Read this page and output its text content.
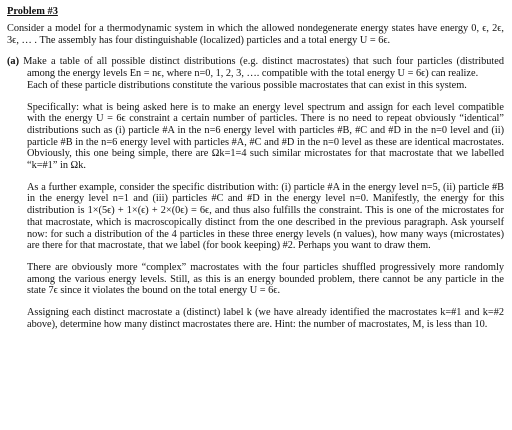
Problem #3

Consider a model for a thermodynamic system in which the allowed nondegenerate energy states have energy 0, ϵ, 2ϵ, 3ϵ, … . The assembly has four distinguishable (localized) particles and a total energy U = 6ϵ.

(a) Make a table of all possible distinct distributions (e.g. distinct macrostates) that such four particles (distributed among the energy levels En = nϵ, where n=0, 1, 2, 3, …. compatible with the total energy U = 6ϵ) can realize.

Each of these particle distributions constitute the various possible macrostates that can exist in this system.

Specifically: what is being asked here is to make an energy level spectrum and assign for each level compatible with the energy U = 6ϵ constraint a certain number of particles. There is no need to repeat obviously “identical” distributions such as (i) particle #A in the n=6 energy level with particles #B, #C and #D in the n=0 level and (ii) particle #B in the n=6 energy level with particles #A, #C and #D in the n=0 level as these are identical macrostates. Obviously, this one being simple, there are Ωk=1=4 such similar microstates for that macrostate that we labelled “k=#1” in Ωk.

As a further example, consider the specific distribution with: (i) particle #A in the energy level n=5, (ii) particle #B in the energy level n=1 and (iii) particles #C and #D in the energy level n=0. Manifestly, the energy for this distribution is 1×(5ϵ) + 1×(ϵ) + 2×(0ϵ) = 6ϵ, and thus also fulfills the constraint. This is one of the microstates for that macrostate, which is macroscopically distinct from the one described in the previous paragraph. Ask yourself now: for such a distribution of the 4 particles in these three energy levels (n values), how many ways (microstates) are there for that macrostate, that we label (for book keeping) #2. Perhaps you want to draw them.

There are obviously more “complex” macrostates with the four particles shuffled progressively more randomly among the various energy levels. Still, as this is an energy bounded problem, there cannot be any particle in the state 7ϵ since it violates the bound on the total energy U = 6ϵ.

Assigning each distinct macrostate a (distinct) label k (we have already identified the macrostates k=#1 and k=#2 above), determine how many distinct macrostates there are. Hint: the number of macrostates, M, is less than 10.
